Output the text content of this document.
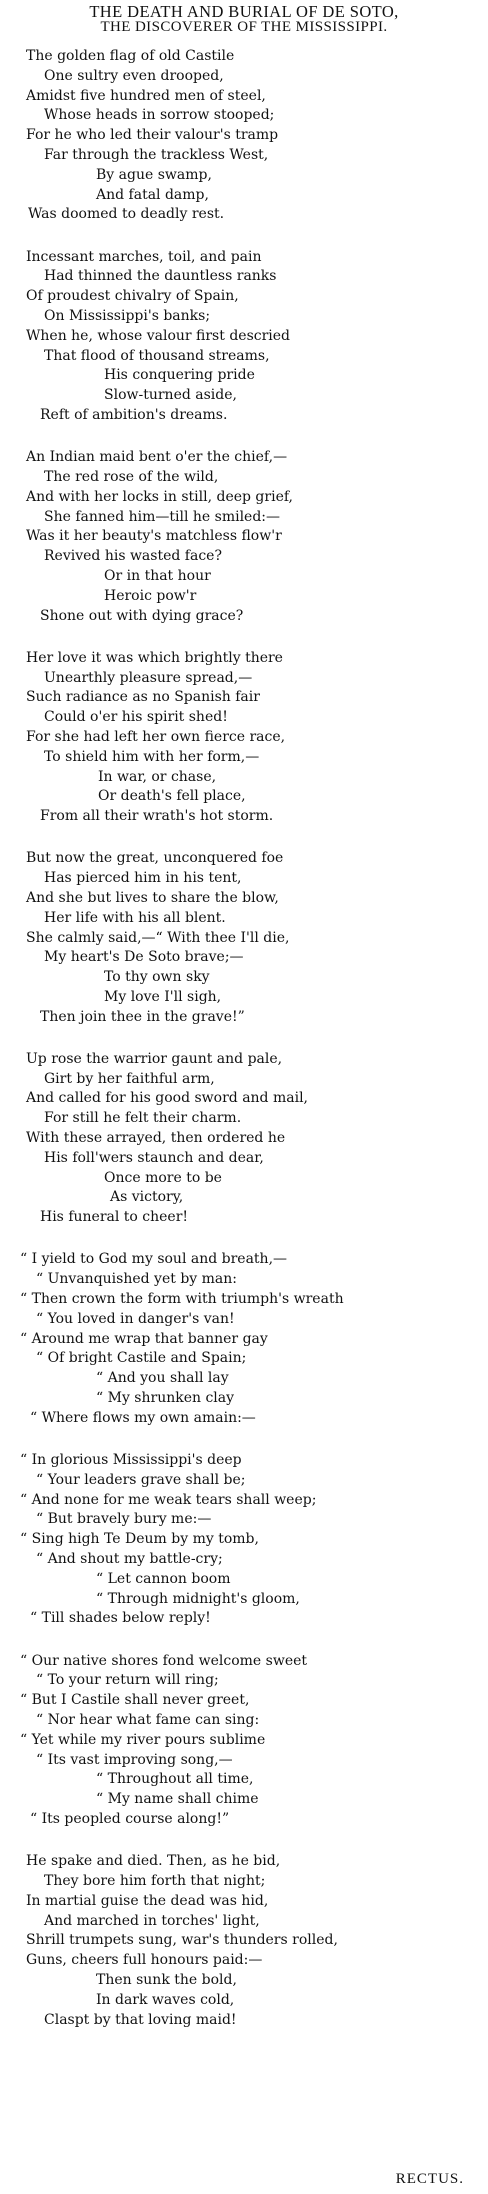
THE DEATH AND BURIAL OF DE SOTO,
THE DISCOVERER OF THE MISSISSIPPI.
The golden flag of old Castile
One sultry even drooped,
Amidst five hundred men of steel,
Whose heads in sorrow stooped;
For he who led their valour's tramp
Far through the trackless West,
By ague swamp,
And fatal damp,
Was doomed to deadly rest.
Incessant marches, toil, and pain
Had thinned the dauntless ranks
Of proudest chivalry of Spain,
On Mississippi's banks;
When he, whose valour first descried
That flood of thousand streams,
His conquering pride
Slow-turned aside,
Reft of ambition's dreams.
An Indian maid bent o'er the chief,—
The red rose of the wild,
And with her locks in still, deep grief,
She fanned him—till he smiled:—
Was it her beauty's matchless flow'r
Revived his wasted face?
Or in that hour
Heroic pow'r
Shone out with dying grace?
Her love it was which brightly there
Unearthly pleasure spread,—
Such radiance as no Spanish fair
Could o'er his spirit shed!
For she had left her own fierce race,
To shield him with her form,—
In war, or chase,
Or death's fell place,
From all their wrath's hot storm.
But now the great, unconquered foe
Has pierced him in his tent,
And she but lives to share the blow,
Her life with his all blent.
She calmly said,—“ With thee I'll die,
My heart's De Soto brave;—
To thy own sky
My love I'll sigh,
Then join thee in the grave!”
Up rose the warrior gaunt and pale,
Girt by her faithful arm,
And called for his good sword and mail,
For still he felt their charm.
With these arrayed, then ordered he
His foll'wers staunch and dear,
Once more to be
As victory,
His funeral to cheer!
“ I yield to God my soul and breath,—
“ Unvanquished yet by man:
“ Then crown the form with triumph's wreath
“ You loved in danger's van!
“ Around me wrap that banner gay
“ Of bright Castile and Spain;
“ And you shall lay
“ My shrunken clay
“ Where flows my own amain:—
“ In glorious Mississippi's deep
“ Your leaders grave shall be;
“ And none for me weak tears shall weep;
“ But bravely bury me:—
“ Sing high Te Deum by my tomb,
“ And shout my battle-cry;
“ Let cannon boom
“ Through midnight's gloom,
“ Till shades below reply!
“ Our native shores fond welcome sweet
“ To your return will ring;
“ But I Castile shall never greet,
“ Nor hear what fame can sing:
“ Yet while my river pours sublime
“ Its vast improving song,—
“ Throughout all time,
“ My name shall chime
“ Its peopled course along!”
He spake and died. Then, as he bid,
They bore him forth that night;
In martial guise the dead was hid,
And marched in torches' light,
Shrill trumpets sung, war's thunders rolled,
Guns, cheers full honours paid:—
Then sunk the bold,
In dark waves cold,
Claspt by that loving maid!
RECTUS.
